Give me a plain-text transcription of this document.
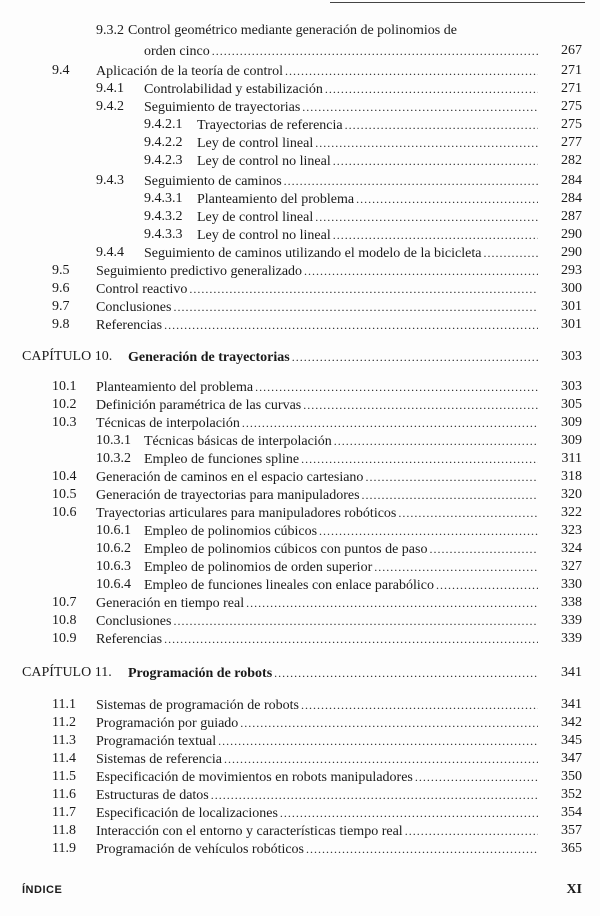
9.3.2 Control geométrico mediante generación de polinomios de
orden cinco .....	267
9.4 Aplicación de la teoría de control .....	271
9.4.1 Controlabilidad y estabilización .....	271
9.4.2 Seguimiento de trayectorias .....	275
9.4.2.1 Trayectorias de referencia .....	275
9.4.2.2 Ley de control lineal .....	277
9.4.2.3 Ley de control no lineal .....	282
9.4.3 Seguimiento de caminos .....	284
9.4.3.1 Planteamiento del problema .....	284
9.4.3.2 Ley de control lineal .....	287
9.4.3.3 Ley de control no lineal .....	290
9.4.4 Seguimiento de caminos utilizando el modelo de la bicicleta .....	290
9.5 Seguimiento predictivo generalizado .....	293
9.6 Control reactivo .....	300
9.7 Conclusiones .....	301
9.8 Referencias .....	301
CAPÍTULO 10. Generación de trayectorias .....	303
10.1 Planteamiento del problema .....	303
10.2 Definición paramétrica de las curvas .....	305
10.3 Técnicas de interpolación .....	309
10.3.1 Técnicas básicas de interpolación .....	309
10.3.2 Empleo de funciones spline .....	311
10.4 Generación de caminos en el espacio cartesiano .....	318
10.5 Generación de trayectorias para manipuladores .....	320
10.6 Trayectorias articulares para manipuladores robóticos .....	322
10.6.1 Empleo de polinomios cúbicos .....	323
10.6.2 Empleo de polinomios cúbicos con puntos de paso .....	324
10.6.3 Empleo de polinomios de orden superior .....	327
10.6.4 Empleo de funciones lineales con enlace parabólico .....	330
10.7 Generación en tiempo real .....	338
10.8 Conclusiones .....	339
10.9 Referencias .....	339
CAPÍTULO 11. Programación de robots .....	341
11.1 Sistemas de programación de robots .....	341
11.2 Programación por guiado .....	342
11.3 Programación textual .....	345
11.4 Sistemas de referencia .....	347
11.5 Especificación de movimientos en robots manipuladores .....	350
11.6 Estructuras de datos .....	352
11.7 Especificación de localizaciones .....	354
11.8 Interacción con el entorno y características tiempo real .....	357
11.9 Programación de vehículos robóticos .....	365
ÍNDICE	XI
